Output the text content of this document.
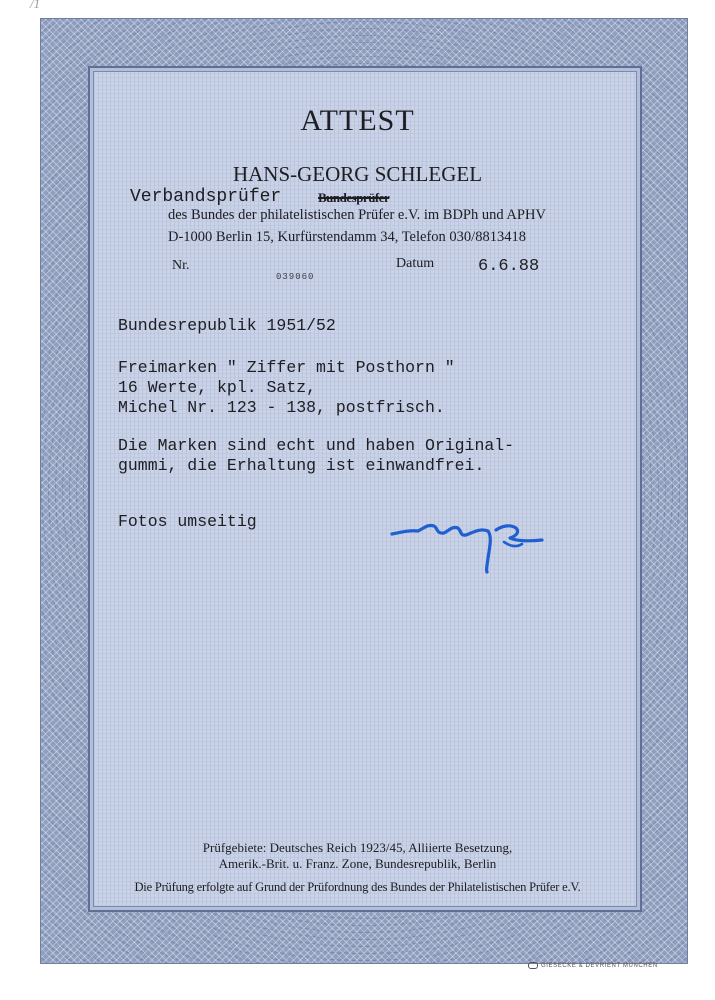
/1
ATTEST
HANS-GEORG SCHLEGEL
Verbandsprüfer	Bundesprüfer
des Bundes der philatelistischen Prüfer e.V. im BDPh und APHV
D-1000 Berlin 15, Kurfürstendamm 34, Telefon 030/8813418
Nr.
039060
Datum	6.6.88
Bundesrepublik 1951/52
Freimarken " Ziffer mit Posthorn "
16 Werte, kpl. Satz,
Michel Nr. 123 - 138, postfrisch.
Die Marken sind echt und haben Original-
gummi, die Erhaltung ist einwandfrei.
Fotos umseitig
Prüfgebiete: Deutsches Reich 1923/45, Alliierte Besetzung,
Amerik.-Brit. u. Franz. Zone, Bundesrepublik, Berlin
Die Prüfung erfolgte auf Grund der Prüfordnung des Bundes der Philatelistischen Prüfer e.V.
GIESECKE & DEVRIENT MÜNCHEN
